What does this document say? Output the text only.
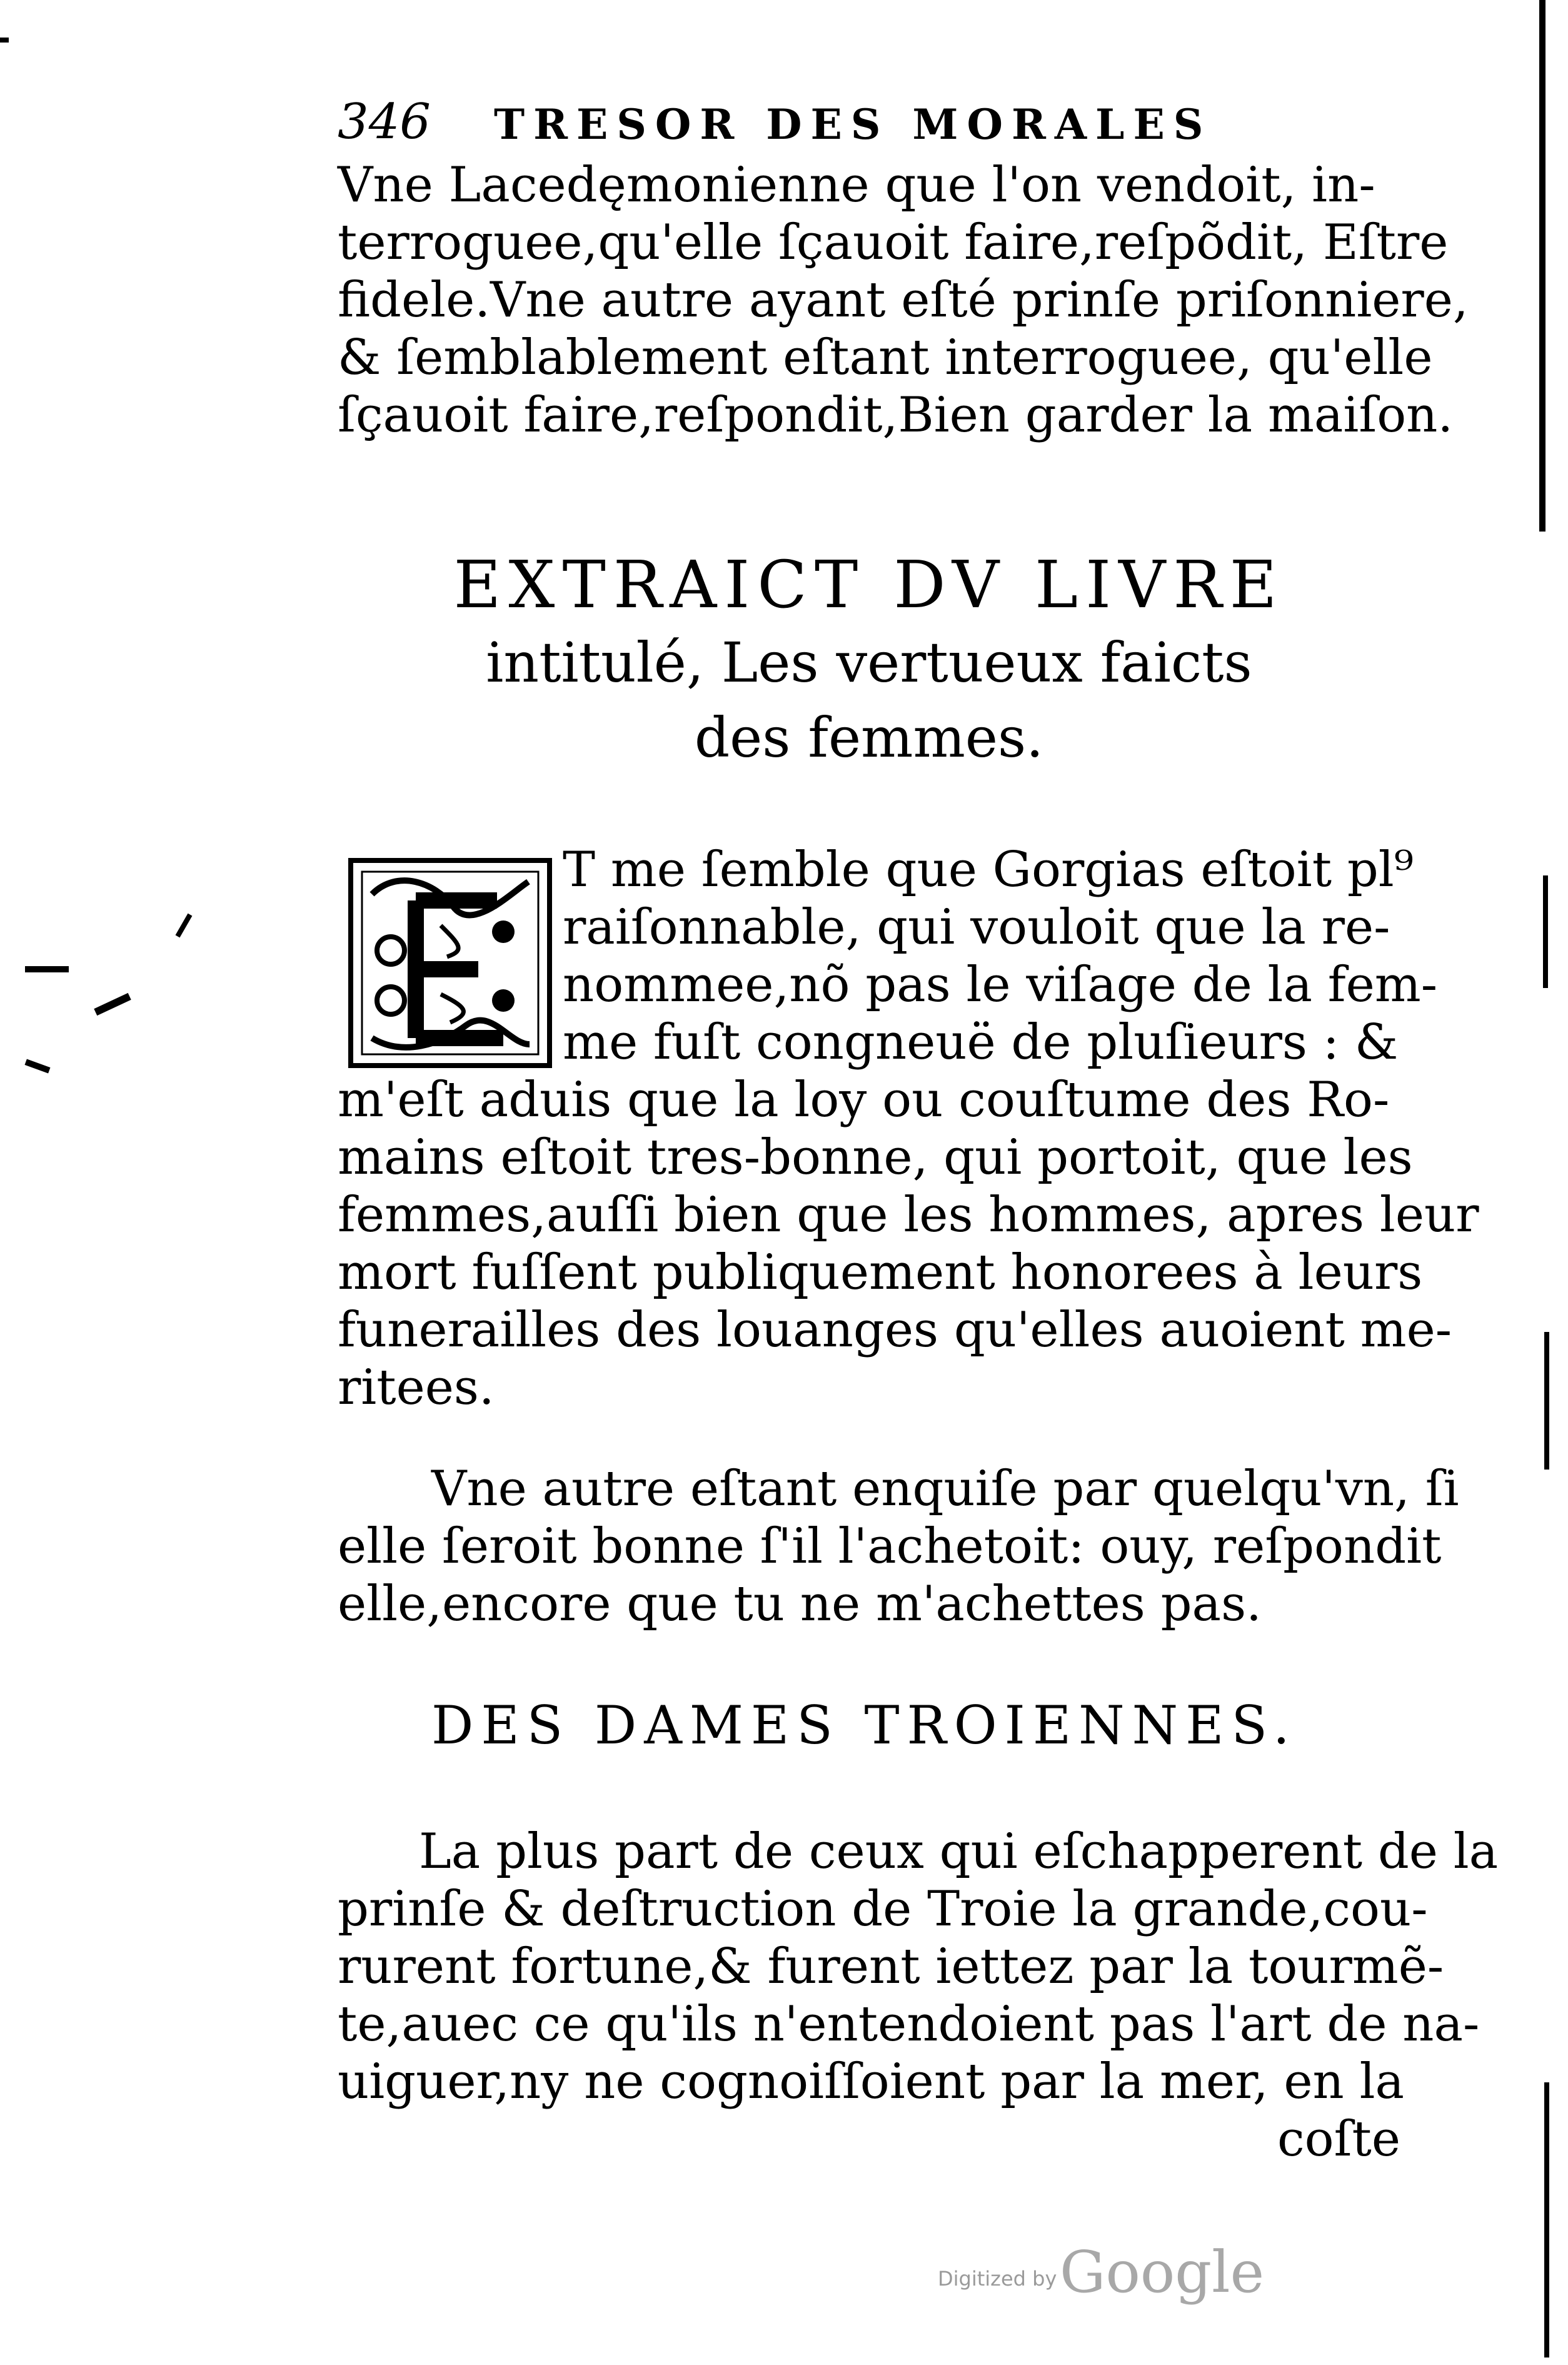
346 TRESOR DES MORALES
Vne Lacedęmonienne que l'on vendoit, in-
terroguee,qu'elle ſçauoit faire,reſpõdit, Eſtre
fidele.Vne autre ayant eſté prinſe priſonniere,
& ſemblablement eſtant interroguee, qu'elle
ſçauoit faire,reſpondit,Bien garder la maiſon.
EXTRAICT DV LIVRE
intitulé, Les vertueux faicts
des femmes.
E	T me ſemble que Gorgias eſtoit pl⁹
raiſonnable, qui vouloit que la re-
nommee,nõ pas le viſage de la fem-
me fuſt congneuë de pluſieurs : &
m'eſt aduis que la loy ou couſtume des Ro-
mains eſtoit tres-bonne, qui portoit, que les
femmes,auſſi bien que les hommes, apres leur
mort fuſſent publiquement honorees à leurs
funerailles des louanges qu'elles auoient me-
ritees.
Vne autre eſtant enquiſe par quelqu'vn, ſi
elle ſeroit bonne ſ'il l'achetoit: ouy, reſpondit
elle,encore que tu ne m'achettes pas.
DES DAMES TROIENNES.
La plus part de ceux qui eſchapperent de la
prinſe & deſtruction de Troie la grande,cou-
rurent fortune,& furent iettez par la tourmẽ-
te,auec ce qu'ils n'entendoient pas l'art de na-
uiguer,ny ne cognoiſſoient par la mer, en la
coſte
Digitized by Google
